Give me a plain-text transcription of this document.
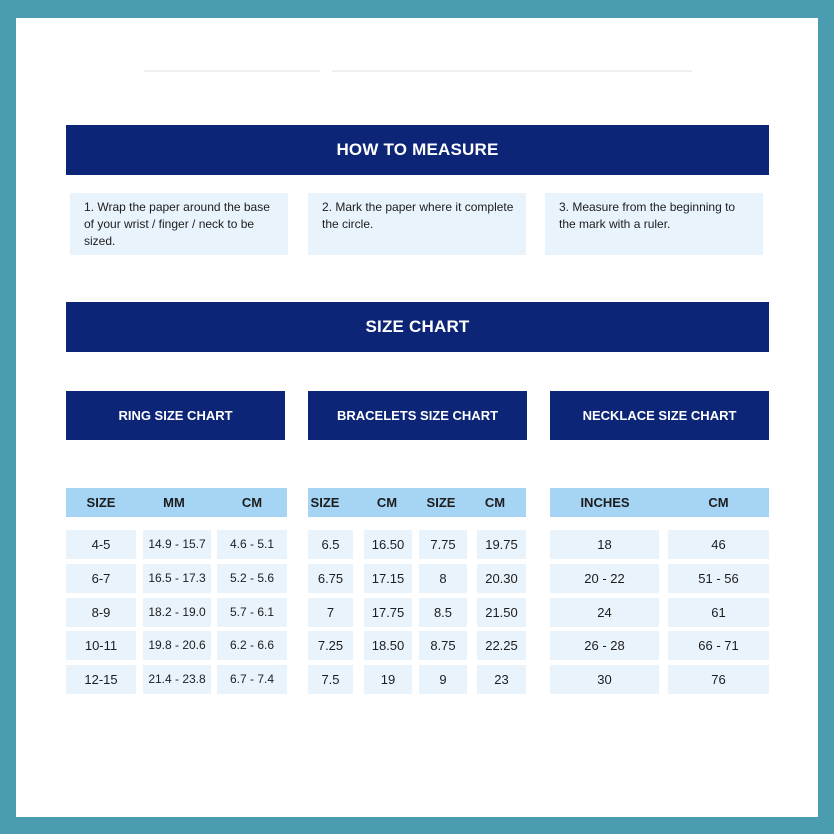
HOW TO MEASURE
1. Wrap the paper around the base of your wrist / finger / neck to be sized.
2. Mark the paper where it complete the circle.
3. Measure from the beginning to the mark with a ruler.
SIZE CHART
RING SIZE CHART	BRACELETS SIZE CHART	NECKLACE SIZE CHART
SIZE	MM	CM
4-5	14.9 - 15.7	4.6 - 5.1
6-7	16.5 - 17.3	5.2 - 5.6
8-9	18.2 - 19.0	5.7 - 6.1
10-11	19.8 - 20.6	6.2 - 6.6
12-15	21.4 - 23.8	6.7 - 7.4
SIZE	CM	SIZE	CM
6.5	16.50	7.75	19.75
6.75	17.15	8	20.30
7	17.75	8.5	21.50
7.25	18.50	8.75	22.25
7.5	19	9	23
INCHES	CM
18	46
20 - 22	51 - 56
24	61
26 - 28	66 - 71
30	76
